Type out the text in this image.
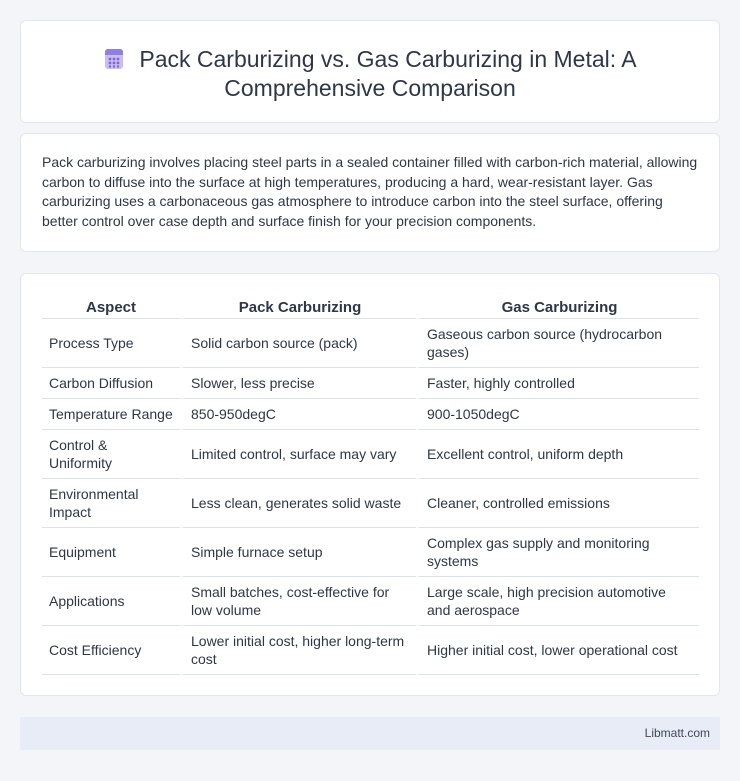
Pack Carburizing vs. Gas Carburizing in Metal: A
Comprehensive Comparison

Pack carburizing involves placing steel parts in a sealed container filled with carbon-rich material, allowing carbon to diffuse into the surface at high temperatures, producing a hard, wear-resistant layer. Gas carburizing uses a carbonaceous gas atmosphere to introduce carbon into the steel surface, offering better control over case depth and surface finish for your precision components.

Aspect	Pack Carburizing	Gas Carburizing
Process Type	Solid carbon source (pack)	Gaseous carbon source (hydrocarbon gases)
Carbon Diffusion	Slower, less precise	Faster, highly controlled
Temperature Range	850-950degC	900-1050degC
Control & Uniformity	Limited control, surface may vary	Excellent control, uniform depth
Environmental Impact	Less clean, generates solid waste	Cleaner, controlled emissions
Equipment	Simple furnace setup	Complex gas supply and monitoring systems
Applications	Small batches, cost-effective for low volume	Large scale, high precision automotive and aerospace
Cost Efficiency	Lower initial cost, higher long-term cost	Higher initial cost, lower operational cost
Libmatt.com
